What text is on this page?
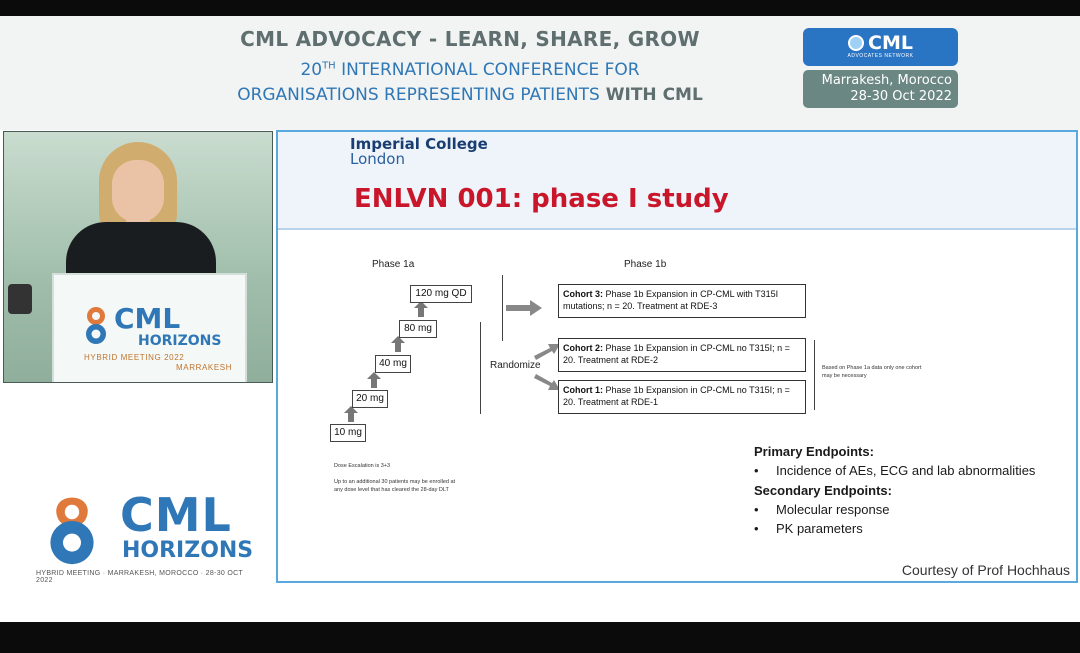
CML ADVOCACY - LEARN, SHARE, GROW
20TH INTERNATIONAL CONFERENCE FOR
ORGANISATIONS REPRESENTING PATIENTS WITH CML
CML
ADVOCATES NETWORK
Marrakesh, Morocco
28-30 Oct 2022
CML
HORIZONS
HYBRID MEETING 2022
MARRAKESH
CML
HORIZONS
HYBRID MEETING · MARRAKESH, MOROCCO · 28-30 OCT 2022
Imperial College
London
ENLVN 001: phase I study
Phase 1a	Phase 1b
10 mg
20 mg
40 mg
80 mg
120 mg QD
Randomize
Cohort 3: Phase 1b Expansion in CP-CML with T315I mutations; n = 20. Treatment at RDE-3
Cohort 2: Phase 1b Expansion in CP-CML no T315I; n = 20. Treatment at RDE-2
Cohort 1: Phase 1b Expansion in CP-CML no T315I; n = 20. Treatment at RDE-1
Based on Phase 1a data only one cohort may be necessary
Dose Escalation is 3+3
Up to an additional 30 patients may be enrolled at any dose level that has cleared the 28-day DLT
Primary Endpoints:
• Incidence of AEs, ECG and lab abnormalities
Secondary Endpoints:
• Molecular response
• PK parameters
Courtesy of Prof Hochhaus
